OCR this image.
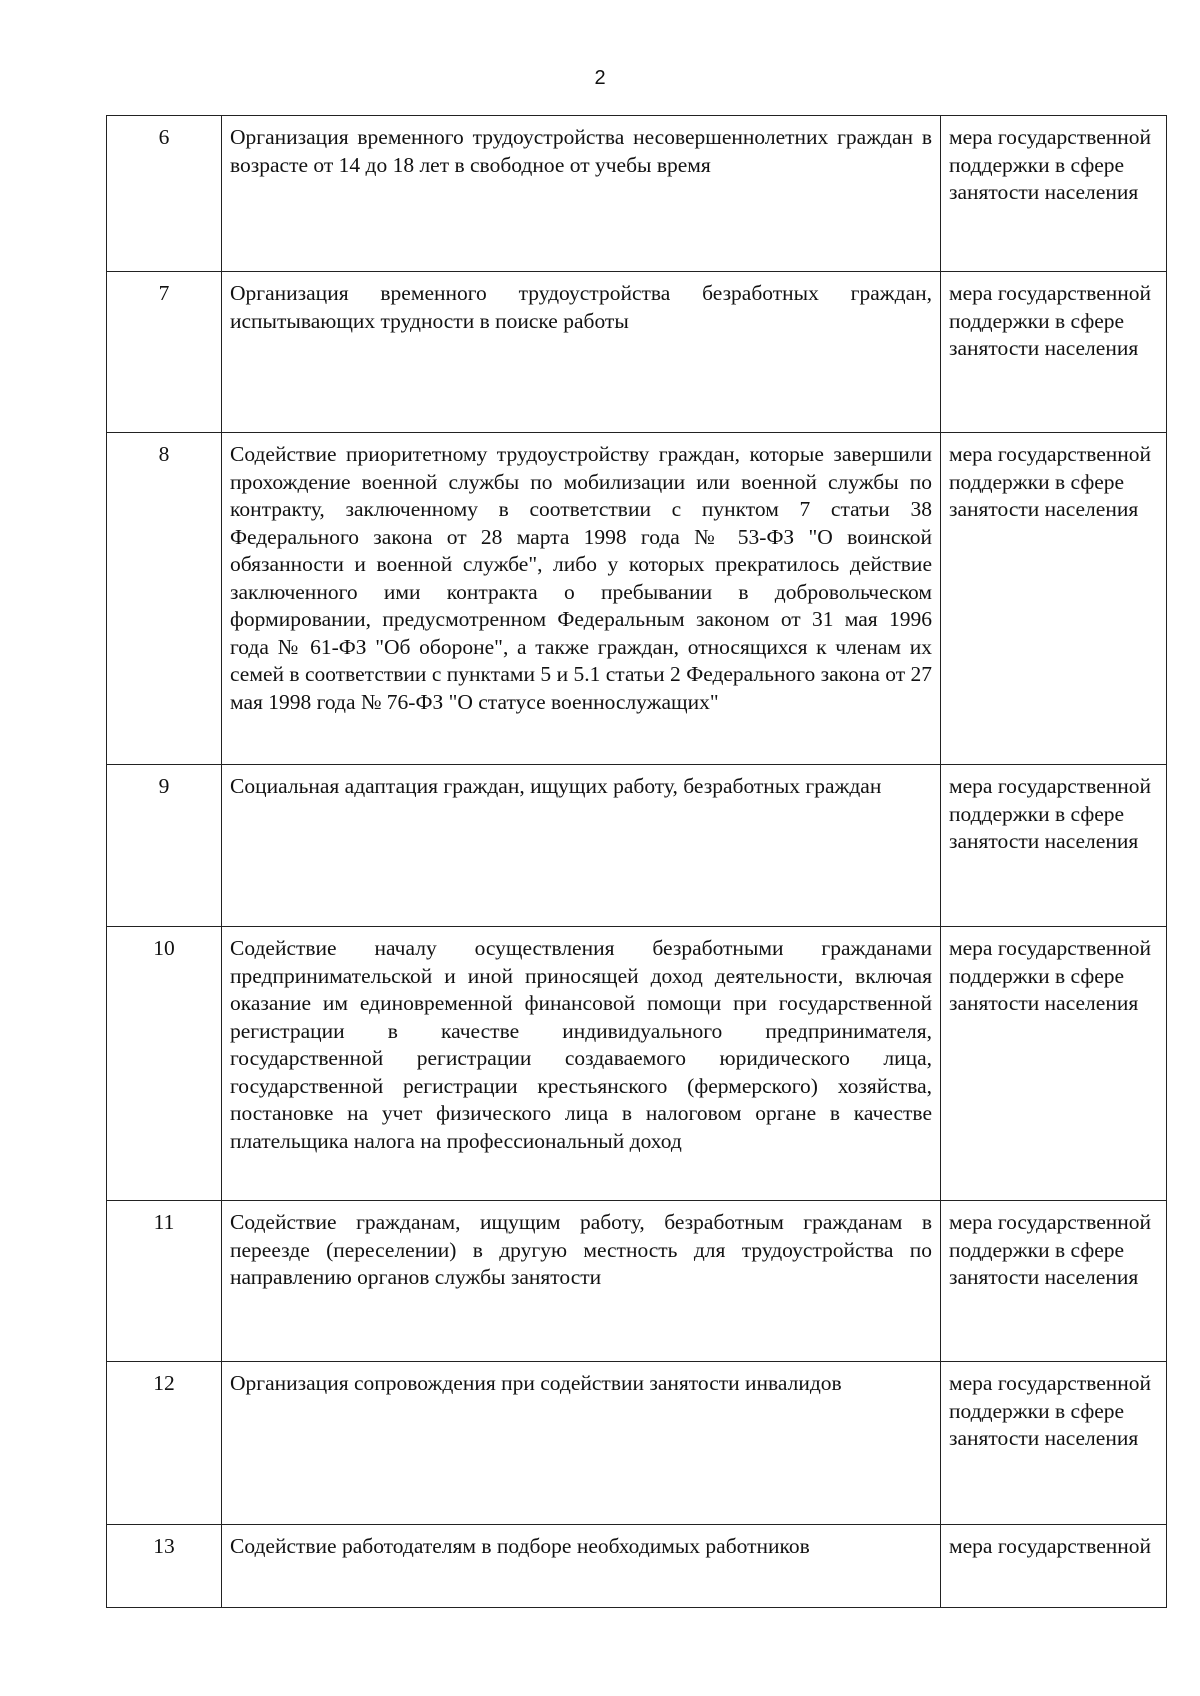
2
6	Организация временного трудоустройства несовершеннолетних граждан в возрасте от 14 до 18 лет в свободное от учебы время	мера государственной поддержки в сфере занятости населения
7	Организация временного трудоустройства безработных граждан, испытывающих трудности в поиске работы	мера государственной поддержки в сфере занятости населения
8	Содействие приоритетному трудоустройству граждан, которые завершили прохождение военной службы по мобилизации или военной службы по контракту, заключенному в соответствии с пунктом 7 статьи 38 Федерального закона от 28 марта 1998 года № 53-ФЗ "О воинской обязанности и военной службе", либо у которых прекратилось действие заключенного ими контракта о пребывании в добровольческом формировании, предусмотренном Федеральным законом от 31 мая 1996 года № 61-ФЗ "Об обороне", а также граждан, относящихся к членам их семей в соответствии с пунктами 5 и 5.1 статьи 2 Федерального закона от 27 мая 1998 года № 76-ФЗ "О статусе военнослужащих"	мера государственной поддержки в сфере занятости населения
9	Социальная адаптация граждан, ищущих работу, безработных граждан	мера государственной поддержки в сфере занятости населения
10	Содействие началу осуществления безработными гражданами предпринимательской и иной приносящей доход деятельности, включая оказание им единовременной финансовой помощи при государственной регистрации в качестве индивидуального предпринимателя, государственной регистрации создаваемого юридического лица, государственной регистрации крестьянского (фермерского) хозяйства, постановке на учет физического лица в налоговом органе в качестве плательщика налога на профессиональный доход	мера государственной поддержки в сфере занятости населения
11	Содействие гражданам, ищущим работу, безработным гражданам в переезде (переселении) в другую местность для трудоустройства по направлению органов службы занятости	мера государственной поддержки в сфере занятости населения
12	Организация сопровождения при содействии занятости инвалидов	мера государственной поддержки в сфере занятости населения
13	Содействие работодателям в подборе необходимых работников	мера государственной
